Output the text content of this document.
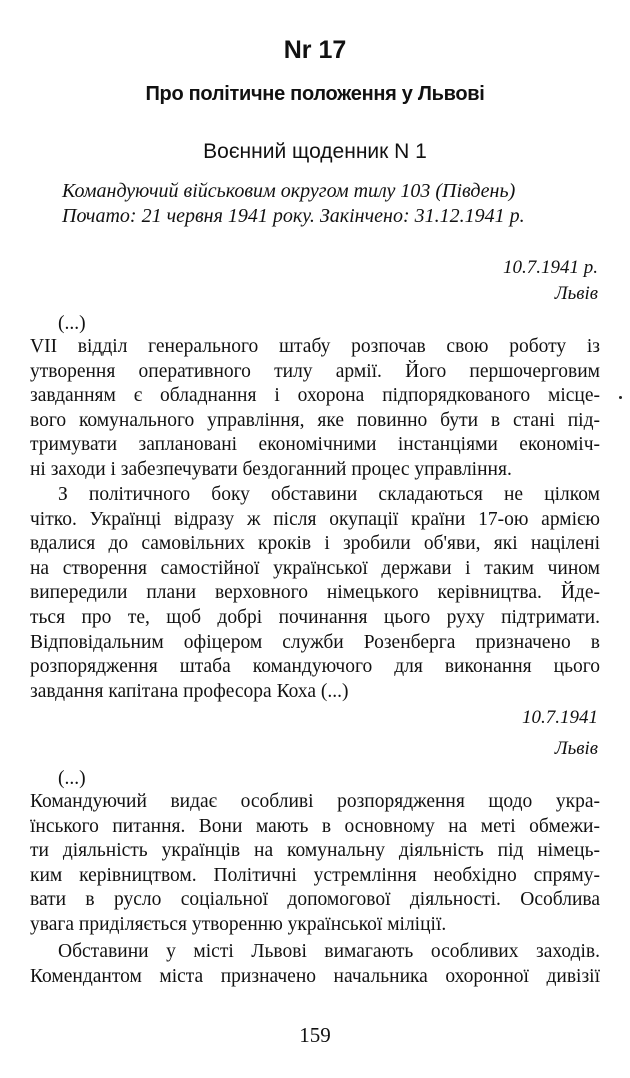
Nr 17
Про політичне положення у Львові
Воєнний щоденник N 1
Командуючий військовим округом тилу 103 (Південь)
Почато: 21 червня 1941 року. Закінчено: 31.12.1941 р.
10.7.1941 р.
Львів
(...)
VII відділ генерального штабу розпочав свою роботу із
утворення оперативного тилу армії. Його першочерговим
завданням є обладнання і охорона підпорядкованого місце-
вого комунального управління, яке повинно бути в стані під-
тримувати заплановані економічними інстанціями економіч-
ні заходи і забезпечувати бездоганний процес управління.
З політичного боку обставини складаються не цілком
чітко. Українці відразу ж після окупації країни 17-ою армією
вдалися до самовільних кроків і зробили об'яви, які націлені
на створення самостійної української держави і таким чином
випередили плани верховного німецького керівництва. Йде-
ться про те, щоб добрі починання цього руху підтримати.
Відповідальним офіцером служби Розенберга призначено в
розпорядження штаба командуючого для виконання цього
завдання капітана професора Коха (...)
10.7.1941
Львів
(...)
Командуючий видає особливі розпорядження щодо укра-
їнського питання. Вони мають в основному на меті обмежи-
ти діяльність українців на комунальну діяльність під німець-
ким керівництвом. Політичні устремління необхідно спряму-
вати в русло соціальної допомогової діяльності. Особлива
увага приділяється утворенню української міліції.
Обставини у місті Львові вимагають особливих заходів.
Комендантом міста призначено начальника охоронної дивізії
159
